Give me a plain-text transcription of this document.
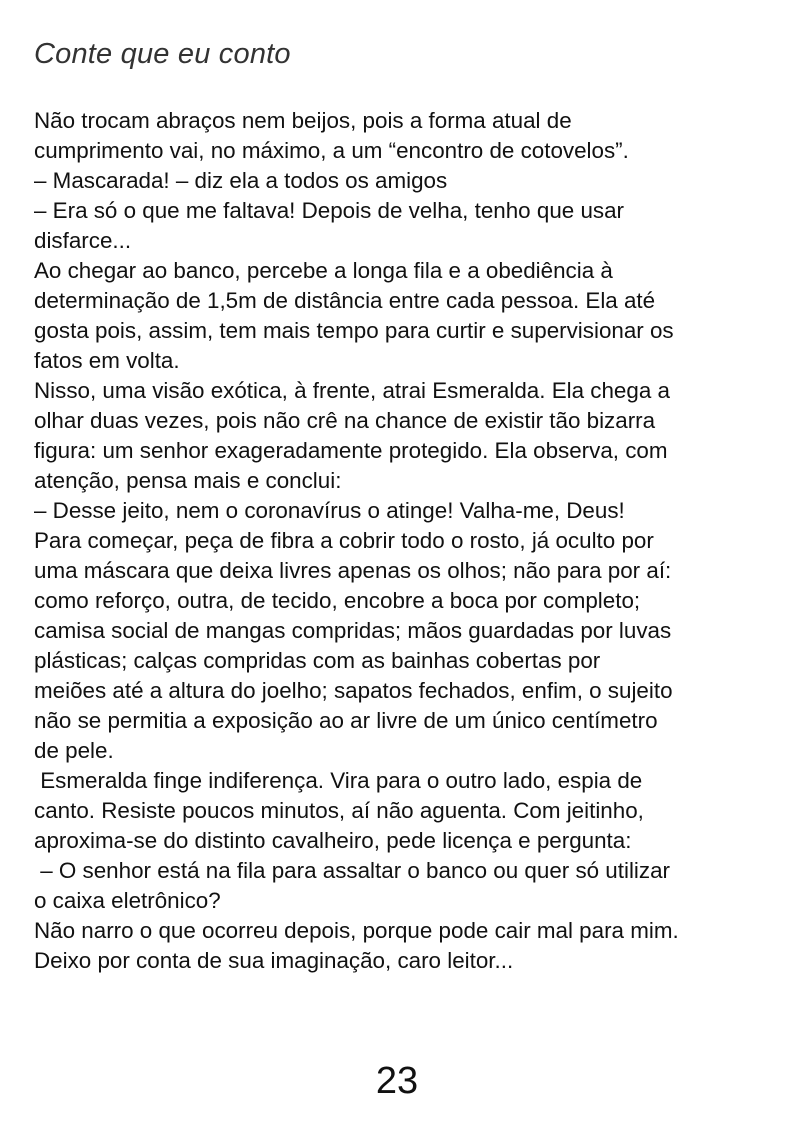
Conte que eu conto
Não trocam abraços nem beijos, pois a forma atual de
cumprimento vai, no máximo, a um “encontro de cotovelos”.
– Mascarada! – diz ela a todos os amigos
– Era só o que me faltava! Depois de velha, tenho que usar
disfarce...
Ao chegar ao banco, percebe a longa fila e a obediência à
determinação de 1,5m de distância entre cada pessoa. Ela até
gosta pois, assim, tem mais tempo para curtir e supervisionar os
fatos em volta.
Nisso, uma visão exótica, à frente, atrai Esmeralda. Ela chega a
olhar duas vezes, pois não crê na chance de existir tão bizarra
figura: um senhor exageradamente protegido. Ela observa, com
atenção, pensa mais e conclui:
– Desse jeito, nem o coronavírus o atinge! Valha-me, Deus!
Para começar, peça de fibra a cobrir todo o rosto, já oculto por
uma máscara que deixa livres apenas os olhos; não para por aí:
como reforço, outra, de tecido, encobre a boca por completo;
camisa social de mangas compridas; mãos guardadas por luvas
plásticas; calças compridas com as bainhas cobertas por
meiões até a altura do joelho; sapatos fechados, enfim, o sujeito
não se permitia a exposição ao ar livre de um único centímetro
de pele.
Esmeralda finge indiferença. Vira para o outro lado, espia de
canto. Resiste poucos minutos, aí não aguenta. Com jeitinho,
aproxima-se do distinto cavalheiro, pede licença e pergunta:
– O senhor está na fila para assaltar o banco ou quer só utilizar
o caixa eletrônico?
Não narro o que ocorreu depois, porque pode cair mal para mim.
Deixo por conta de sua imaginação, caro leitor...
23
